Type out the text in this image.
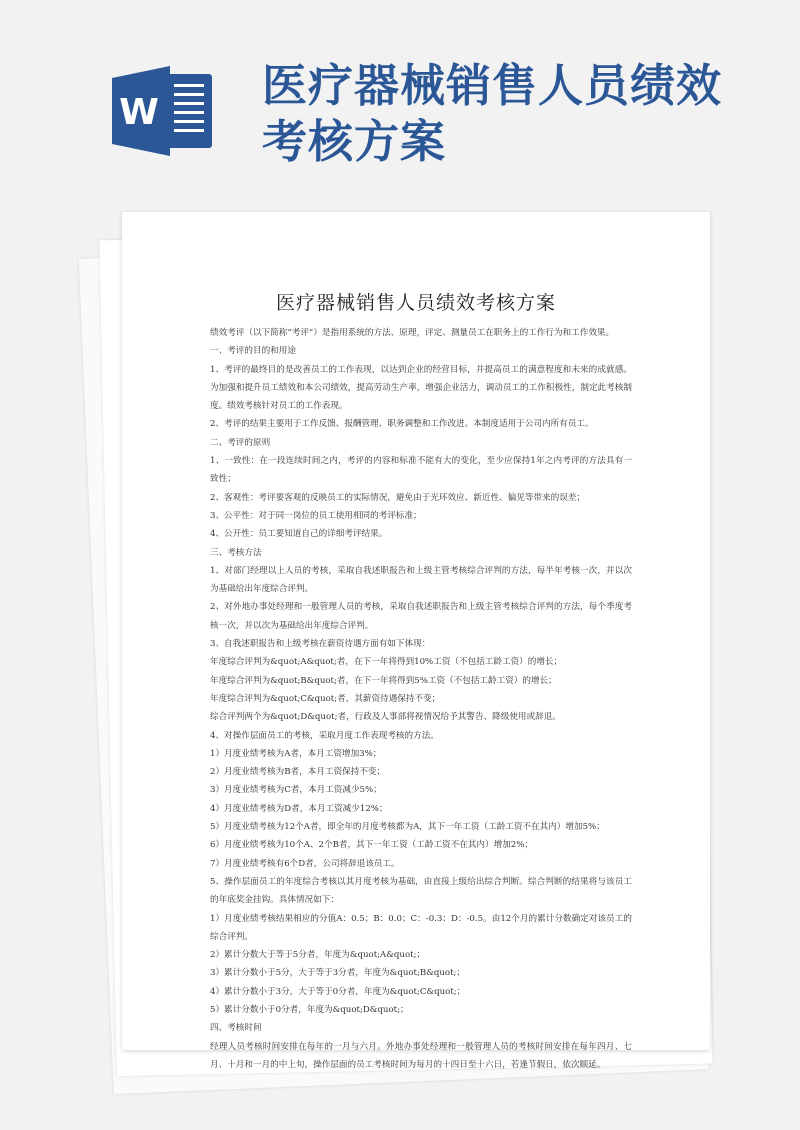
W
医疗器械销售人员绩效
考核方案
医疗器械销售人员绩效考核方案

绩效考评（以下简称“考评”）是指用系统的方法、原理，评定、测量员工在职务上的工作行为和工作效果。

一、考评的目的和用途

1、考评的最终目的是改善员工的工作表现，以达到企业的经营目标，并提高员工的满意程度和未来的成就感。为加强和提升员工绩效和本公司绩效，提高劳动生产率，增强企业活力，调动员工的工作积极性，制定此考核制度。绩效考核针对员工的工作表现。

2、考评的结果主要用于工作反馈、报酬管理、职务调整和工作改进。本制度适用于公司内所有员工。

二、考评的原则

1、一致性：在一段连续时间之内，考评的内容和标准不能有大的变化，至少应保持1年之内考评的方法具有一致性；

2、客观性：考评要客观的反映员工的实际情况，避免由于光环效应、新近性、偏见等带来的误差；

3、公平性：对于同一岗位的员工使用相同的考评标准；

4、公开性：员工要知道自己的详细考评结果。

三、考核方法

1、对部门经理以上人员的考核，采取自我述职报告和上级主管考核综合评判的方法，每半年考核一次，并以次为基础给出年度综合评判。

2、对外地办事处经理和一般管理人员的考核，采取自我述职报告和上级主管考核综合评判的方法，每个季度考核一次，并以次为基础给出年度综合评判。

3、自我述职报告和上级考核在薪资待遇方面有如下体现：

年度综合评判为&quot;A&quot;者，在下一年将得到10%工资（不包括工龄工资）的增长；

年度综合评判为&quot;B&quot;者，在下一年将得到5%工资（不包括工龄工资）的增长；

年度综合评判为&quot;C&quot;者，其薪资待遇保持不变；

综合评判两个为&quot;D&quot;者，行政及人事部将视情况给予其警告、降级使用或辞退。

4、对操作层面员工的考核，采取月度工作表现考核的方法。

1）月度业绩考核为A者，本月工资增加3%；

2）月度业绩考核为B者，本月工资保持不变；

3）月度业绩考核为C者，本月工资减少5%；

4）月度业绩考核为D者，本月工资减少12%；

5）月度业绩考核为12个A者，即全年的月度考核都为A，其下一年工资（工龄工资不在其内）增加5%；

6）月度业绩考核为10个A、2个B者，其下一年工资（工龄工资不在其内）增加2%；

7）月度业绩考核有6个D者，公司将辞退该员工。

5、操作层面员工的年度综合考核以其月度考核为基础，由直接上级给出综合判断。综合判断的结果将与该员工的年底奖金挂钩。具体情况如下：

1）月度业绩考核结果相应的分值A：0.5；B：0.0；C：-0.3；D：-0.5。由12个月的累计分数确定对该员工的综合评判。

2）累计分数大于等于5分者，年度为&quot;A&quot;；

3）累计分数小于5分，大于等于3分者，年度为&quot;B&quot;；

4）累计分数小于3分，大于等于0分者，年度为&quot;C&quot;；

5）累计分数小于0分者，年度为&quot;D&quot;；

四、考核时间

经理人员考核时间安排在每年的一月与六月。外地办事处经理和一般管理人员的考核时间安排在每年四月、七月、十月和一月的中上旬，操作层面的员工考核时间为每月的十四日至十六日，若逢节假日，依次顺延。
